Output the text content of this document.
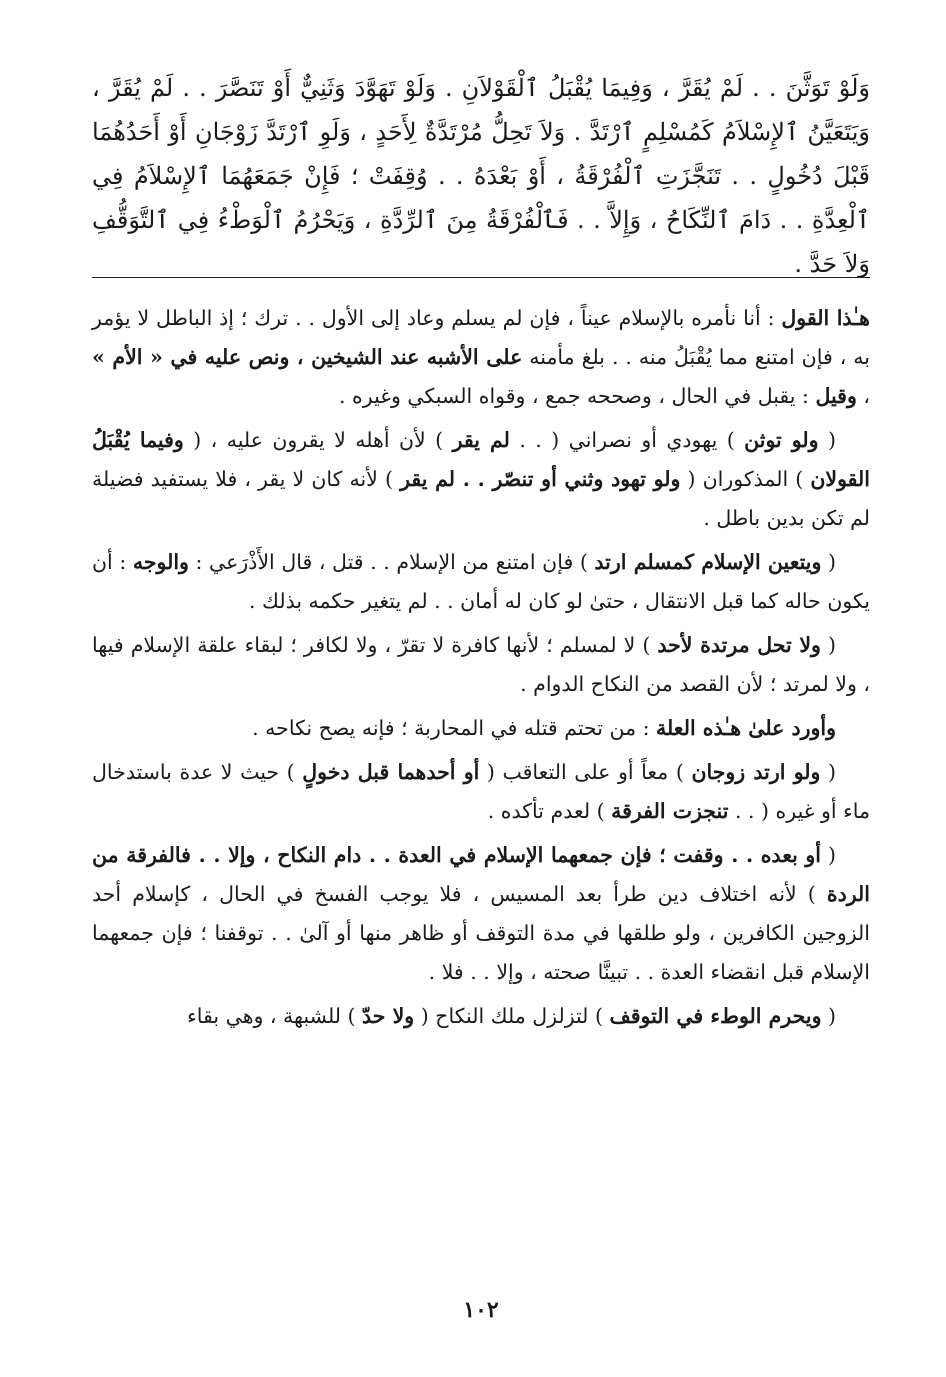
وَلَوْ تَوَثَّنَ . . لَمْ يُقَرَّ ، وَفِيمَا يُقْبَلُ ٱلْقَوْلاَنِ . وَلَوْ تَهَوَّدَ وَثَنِيٌّ أَوْ تَنَصَّرَ . . لَمْ يُقَرَّ ، وَيَتَعَيَّنُ ٱلإِسْلاَمُ كَمُسْلِمٍ ٱرْتَدَّ . وَلاَ تَحِلُّ مُرْتَدَّةٌ لِأَحَدٍ ، وَلَوِ ٱرْتَدَّ زَوْجَانِ أَوْ أَحَدُهُمَا قَبْلَ دُخُولٍ . . تَنَجَّزَتِ ٱلْفُرْقَةُ ، أَوْ بَعْدَهُ . . وُقِفَتْ ؛ فَإِنْ جَمَعَهُمَا ٱلإِسْلاَمُ فِي ٱلْعِدَّةِ . . دَامَ ٱلنِّكَاحُ ، وَإِلاَّ . . فَٱلْفُرْقَةُ مِنَ ٱلرِّدَّةِ ، وَيَحْرُمُ ٱلْوَطْءُ فِي ٱلتَّوَقُّفِ وَلاَ حَدَّ .

هـٰذا القول : أنا نأمره بالإسلام عيناً ، فإن لم يسلم وعاد إلى الأول . . ترك ؛ إذ الباطل لا يؤمر به ، فإن امتنع مما يُقْبَلُ منه . . بلغ مأمنه على الأشبه عند الشيخين ، ونص عليه في « الأم » ، وقيل : يقبل في الحال ، وصححه جمع ، وقواه السبكي وغيره .

( ولو توثن ) يهودي أو نصراني ( . . لم يقر ) لأن أهله لا يقرون عليه ، ( وفيما يُقْبَلُ القولان ) المذكوران ( ولو تهود وثني أو تنصّر . . لم يقر ) لأنه كان لا يقر ، فلا يستفيد فضيلة لم تكن بدين باطل .

( ويتعين الإسلام كمسلم ارتد ) فإن امتنع من الإسلام . . قتل ، قال الأَذْرَعي : والوجه : أن يكون حاله كما قبل الانتقال ، حتىٰ لو كان له أمان . . لم يتغير حكمه بذلك .

( ولا تحل مرتدة لأحد ) لا لمسلم ؛ لأنها كافرة لا تقرّ ، ولا لكافر ؛ لبقاء علقة الإسلام فيها ، ولا لمرتد ؛ لأن القصد من النكاح الدوام .

وأورد علىٰ هـٰذه العلة : من تحتم قتله في المحاربة ؛ فإنه يصح نكاحه .

( ولو ارتد زوجان ) معاً أو على التعاقب ( أو أحدهما قبل دخولٍ ) حيث لا عدة باستدخال ماء أو غيره ( . . تنجزت الفرقة ) لعدم تأكده .

( أو بعده . . وقفت ؛ فإن جمعهما الإسلام في العدة . . دام النكاح ، وإلا . . فالفرقة من الردة ) لأنه اختلاف دين طرأ بعد المسيس ، فلا يوجب الفسخ في الحال ، كإسلام أحد الزوجين الكافرين ، ولو طلقها في مدة التوقف أو ظاهر منها أو آلىٰ . . توقفنا ؛ فإن جمعهما الإسلام قبل انقضاء العدة . . تبينَّا صحته ، وإلا . . فلا .

( ويحرم الوطء في التوقف ) لتزلزل ملك النكاح ( ولا حدّ ) للشبهة ، وهي بقاء

١٠٢
